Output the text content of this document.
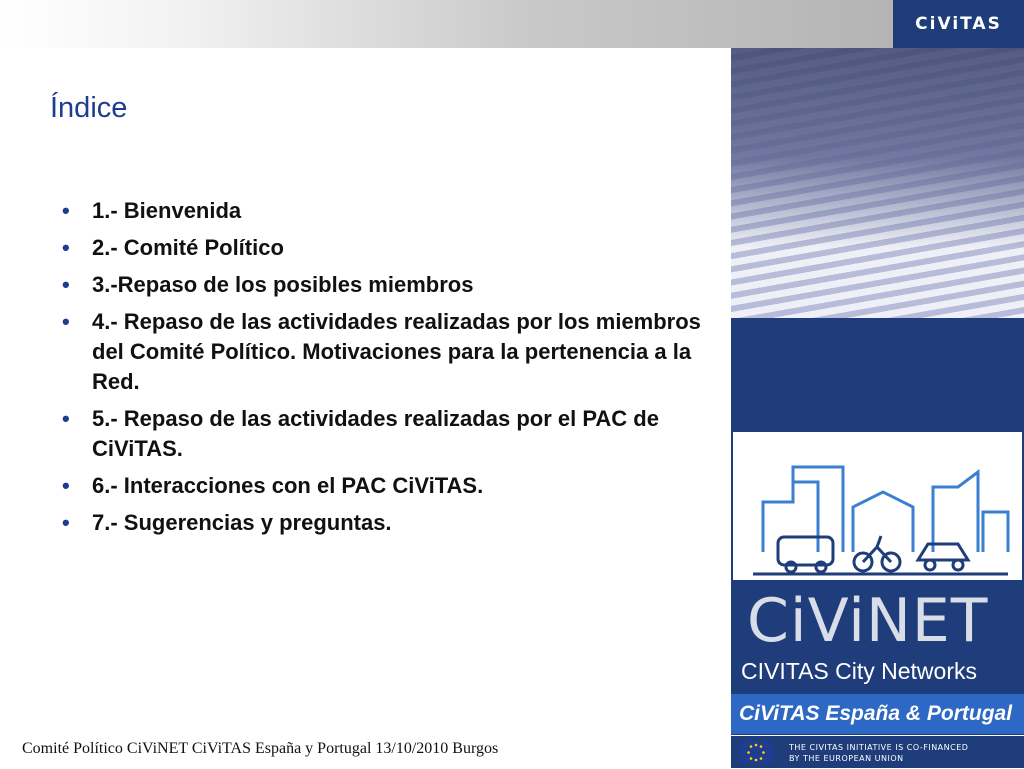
CiViTAS
Índice
• 1.- Bienvenida
• 2.- Comité Político
• 3.-Repaso de los posibles miembros
• 4.- Repaso de las actividades realizadas por los miembros del Comité Político. Motivaciones para la pertenencia a la Red.
• 5.- Repaso de las actividades realizadas por el PAC de CiViTAS.
• 6.- Interacciones con el PAC CiViTAS.
• 7.- Sugerencias y preguntas.
CiViNET
CIVITAS City Networks
CiViTAS España & Portugal
Comité Político CiViNET CiViTAS España y Portugal 13/10/2010 Burgos	THE CIVITAS INITIATIVE IS CO-FINANCED
BY THE EUROPEAN UNION
